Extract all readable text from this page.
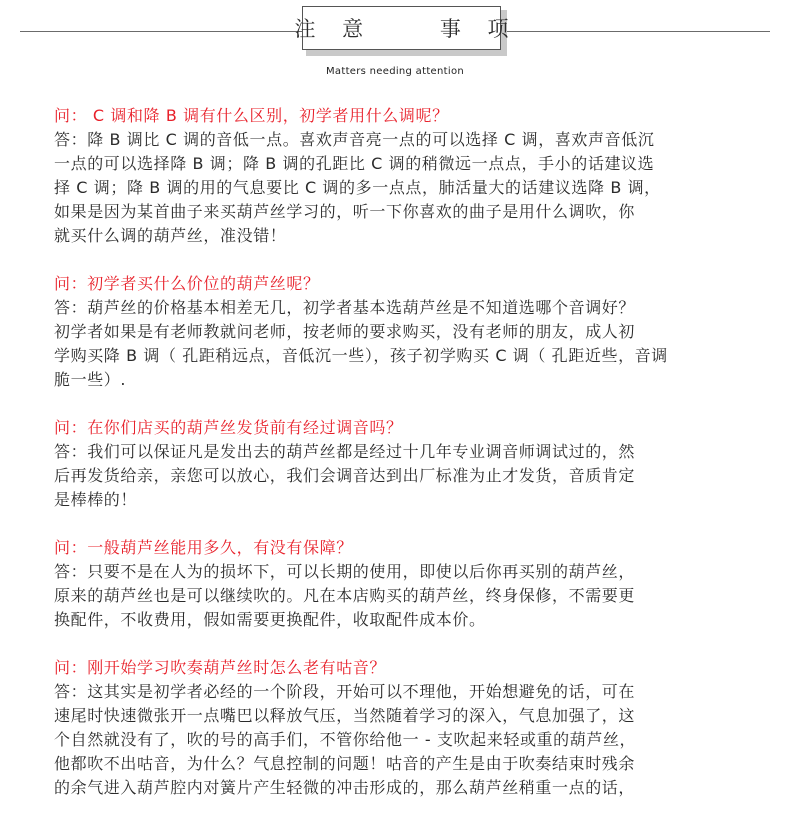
注 意    事 项
Matters needing attention
问： C 调和降 B 调有什么区别，初学者用什么调呢？
答：降 B 调比 C 调的音低一点。喜欢声音亮一点的可以选择 C 调，喜欢声音低沉
一点的可以选择降 B 调；降 B 调的孔距比 C 调的稍微远一点点，手小的话建议选
择 C 调；降 B 调的用的气息要比 C 调的多一点点，肺活量大的话建议选降 B 调，
如果是因为某首曲子来买葫芦丝学习的，听一下你喜欢的曲子是用什么调吹，你
就买什么调的葫芦丝，准没错！
问：初学者买什么价位的葫芦丝呢？
答：葫芦丝的价格基本相差无几，初学者基本选葫芦丝是不知道选哪个音调好？
初学者如果是有老师教就问老师，按老师的要求购买，没有老师的朋友，成人初
学购买降 B 调（ 孔距稍远点，音低沉一些），孩子初学购买 C 调（ 孔距近些，音调
脆一些）.
问：在你们店买的葫芦丝发货前有经过调音吗？
答：我们可以保证凡是发出去的葫芦丝都是经过十几年专业调音师调试过的，然
后再发货给亲，亲您可以放心，我们会调音达到出厂标准为止才发货，音质肯定
是棒棒的！
问：一般葫芦丝能用多久，有没有保障？
答：只要不是在人为的损坏下，可以长期的使用，即使以后你再买别的葫芦丝，
原来的葫芦丝也是可以继续吹的。凡在本店购买的葫芦丝，终身保修，不需要更
换配件，不收费用，假如需要更换配件，收取配件成本价。
问：刚开始学习吹奏葫芦丝时怎么老有咕音？
答：这其实是初学者必经的一个阶段，开始可以不理他，开始想避免的话，可在
速尾时快速微张开一点嘴巴以释放气压，当然随着学习的深入，气息加强了，这
个自然就没有了，吹的号的高手们，不管你给他一 - 支吹起来轻或重的葫芦丝，
他都吹不出咕音，为什么？气息控制的问题！咕音的产生是由于吹奏结束时残余
的余气进入葫芦腔内对簧片产生轻微的冲击形成的，那么葫芦丝稍重一点的话，
